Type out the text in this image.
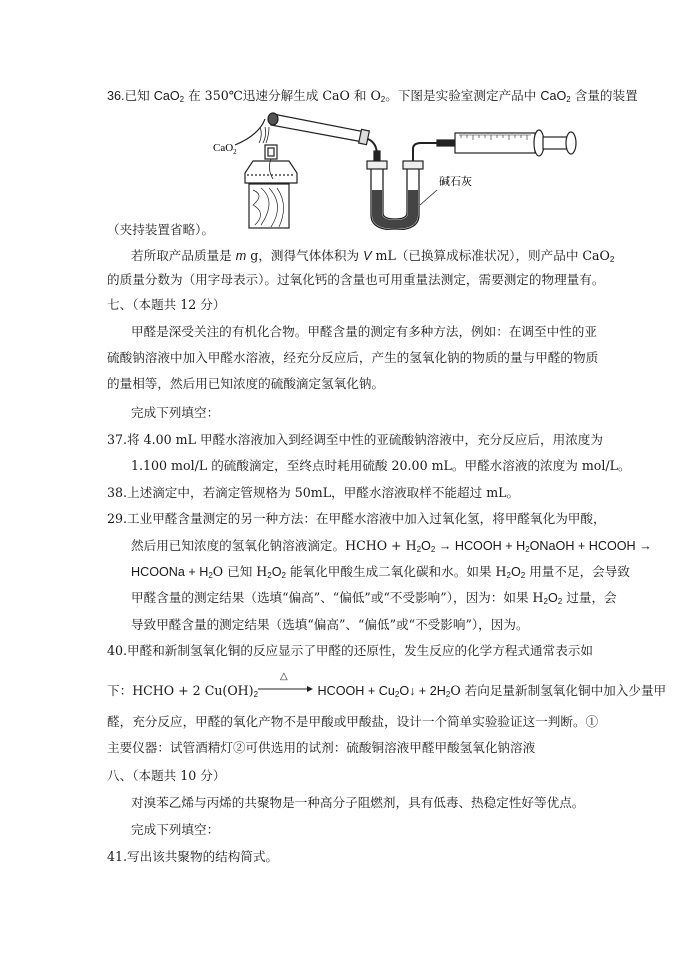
36.已知 CaO$_2$ 在 350℃迅速分解生成 CaO 和 $O_2$。下图是实验室测定产品中 CaO$_2$ 含量的装置
CaO$_2$
碱石灰
（夹持装置省略）。
若所取产品质量是 m g，测得气体体积为 V mL（已换算成标准状况），则产品中 CaO$_2$
的质量分数为（用字母表示）。过氧化钙的含量也可用重量法测定，需要测定的物理量有。
七、（本题共 12 分）
甲醛是深受关注的有机化合物。甲醛含量的测定有多种方法，例如：在调至中性的亚
硫酸钠溶液中加入甲醛水溶液，经充分反应后，产生的氢氧化钠的物质的量与甲醛的物质
的量相等，然后用已知浓度的硫酸滴定氢氧化钠。
完成下列填空：
37.将 4.00 mL 甲醛水溶液加入到经调至中性的亚硫酸钠溶液中，充分反应后，用浓度为
1.100 mol/L 的硫酸滴定，至终点时耗用硫酸 20.00 mL。甲醛水溶液的浓度为 mol/L。
38.上述滴定中，若滴定管规格为 50mL，甲醛水溶液取样不能超过 mL。
29.工业甲醛含量测定的另一种方法：在甲醛水溶液中加入过氧化氢，将甲醛氧化为甲酸，
然后用已知浓度的氢氧化钠溶液滴定。HCHO + $H_2O_2$ → HCOOH + $H_2ONaOH$ + HCOOH →
HCOONa + $H_2O$ 已知 $H_2O_2$ 能氧化甲酸生成二氧化碳和水。如果 $H_2O_2$ 用量不足，会导致
甲醛含量的测定结果（选填“偏高”、“偏低”或“不受影响”），因为：如果 $H_2O_2$ 过量，会
导致甲醛含量的测定结果（选填“偏高”、“偏低”或“不受影响”），因为。
40.甲醛和新制氢氧化铜的反应显示了甲醛的还原性，发生反应的化学方程式通常表示如
下：HCHO + 2 $Cu(OH)_2$
△
HCOOH + $Cu_2O↓ + 2H_2O$ 若向足量新制氢氧化铜中加入少量甲
醛，充分反应，甲醛的氧化产物不是甲酸或甲酸盐，设计一个简单实验验证这一判断。①
主要仪器：试管酒精灯②可供选用的试剂：硫酸铜溶液甲醛甲酸氢氧化钠溶液
八、（本题共 10 分）
对溴苯乙烯与丙烯的共聚物是一种高分子阻燃剂，具有低毒、热稳定性好等优点。
完成下列填空：
41.写出该共聚物的结构简式。
